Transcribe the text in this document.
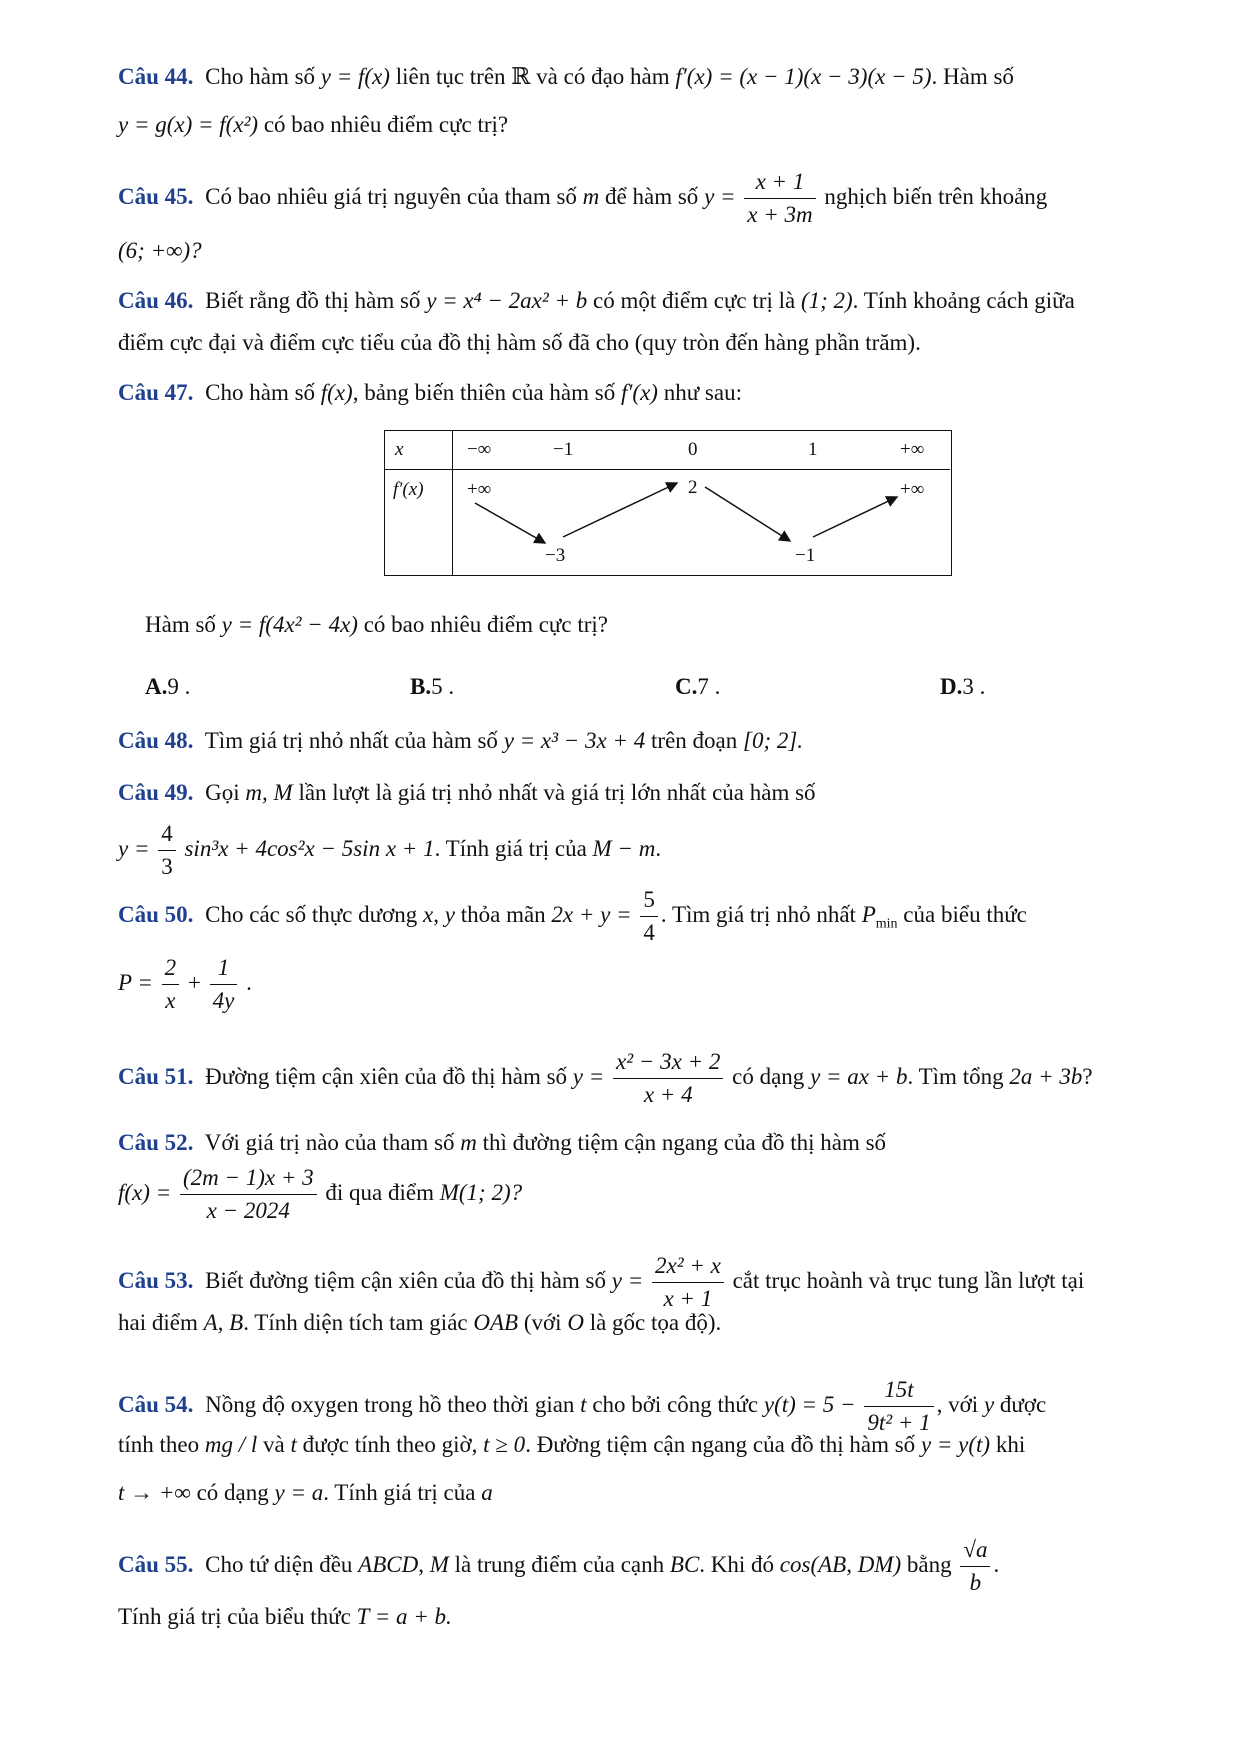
Câu 44. Cho hàm số y = f(x) liên tục trên ℝ và có đạo hàm f′(x) = (x − 1)(x − 3)(x − 5). Hàm số
y = g(x) = f(x²) có bao nhiêu điểm cực trị?
Câu 45. Có bao nhiêu giá trị nguyên của tham số m để hàm số $y = \frac{x + 1}{x + 3m}$ nghịch biến trên khoảng
(6; +∞)?
Câu 46. Biết rằng đồ thị hàm số y = x⁴ − 2ax² + b có một điểm cực trị là (1; 2). Tính khoảng cách giữa
điểm cực đại và điểm cực tiểu của đồ thị hàm số đã cho (quy tròn đến hàng phần trăm).
Câu 47. Cho hàm số f(x), bảng biến thiên của hàm số f′(x) như sau:
x	−∞	−1	0	1	+∞
f′(x) +∞	2	+∞
−3	−1
Hàm số y = f(4x² − 4x) có bao nhiêu điểm cực trị?
A.9 .	B.5 .	C.7 .	D.3 .
Câu 48. Tìm giá trị nhỏ nhất của hàm số y = x³ − 3x + 4 trên đoạn [0; 2].
Câu 49. Gọi m, M lần lượt là giá trị nhỏ nhất và giá trị lớn nhất của hàm số
$y = \frac{4}{3} \sin^3x + 4\cos^2x - 5\sin$ x + 1. Tính giá trị của M − m.
Câu 50. Cho các số thực dương x, y thỏa mãn $2x + y = \frac{5}{4}$ . Tìm giá trị nhỏ nhất $P_{min}$ của biểu thức
$P = \frac{2}{x} + \frac{1}{4y}$ .
Câu 51. Đường tiệm cận xiên của đồ thị hàm số $y = \frac{\text{x² − 3x + 2}}{x + 4}$ có dạng y = ax + b. Tìm tổng 2a + 3b?
Câu 52. Với giá trị nào của tham số m thì đường tiệm cận ngang của đồ thị hàm số
$f(x) = \frac{(2m - 1)x + 3}{x - 2024}$ đi qua điểm M(1; 2)?
Câu 53. Biết đường tiệm cận xiên của đồ thị hàm số $y = \frac{\text{2x² + x}}{x + 1}$ cắt trục hoành và trục tung lần lượt tại
hai điểm A, B. Tính diện tích tam giác OAB (với O là gốc tọa độ).
Câu 54. Nồng độ oxygen trong hồ theo thời gian t cho bởi công thức $y(t) = 5 - \frac{15t}{\text{9t² + 1}}$ , với y được
tính theo mg / l và t được tính theo giờ, t ≥ 0. Đường tiệm cận ngang của đồ thị hàm số y = y(t) khi
t → +∞ có dạng y = a. Tính giá trị của a
Câu 55. Cho tứ diện đều ABCD, M là trung điểm của cạnh BC. Khi đó cos(AB, DM) bằng $\frac{√a}{b}$ .
Tính giá trị của biểu thức T = a + b.
